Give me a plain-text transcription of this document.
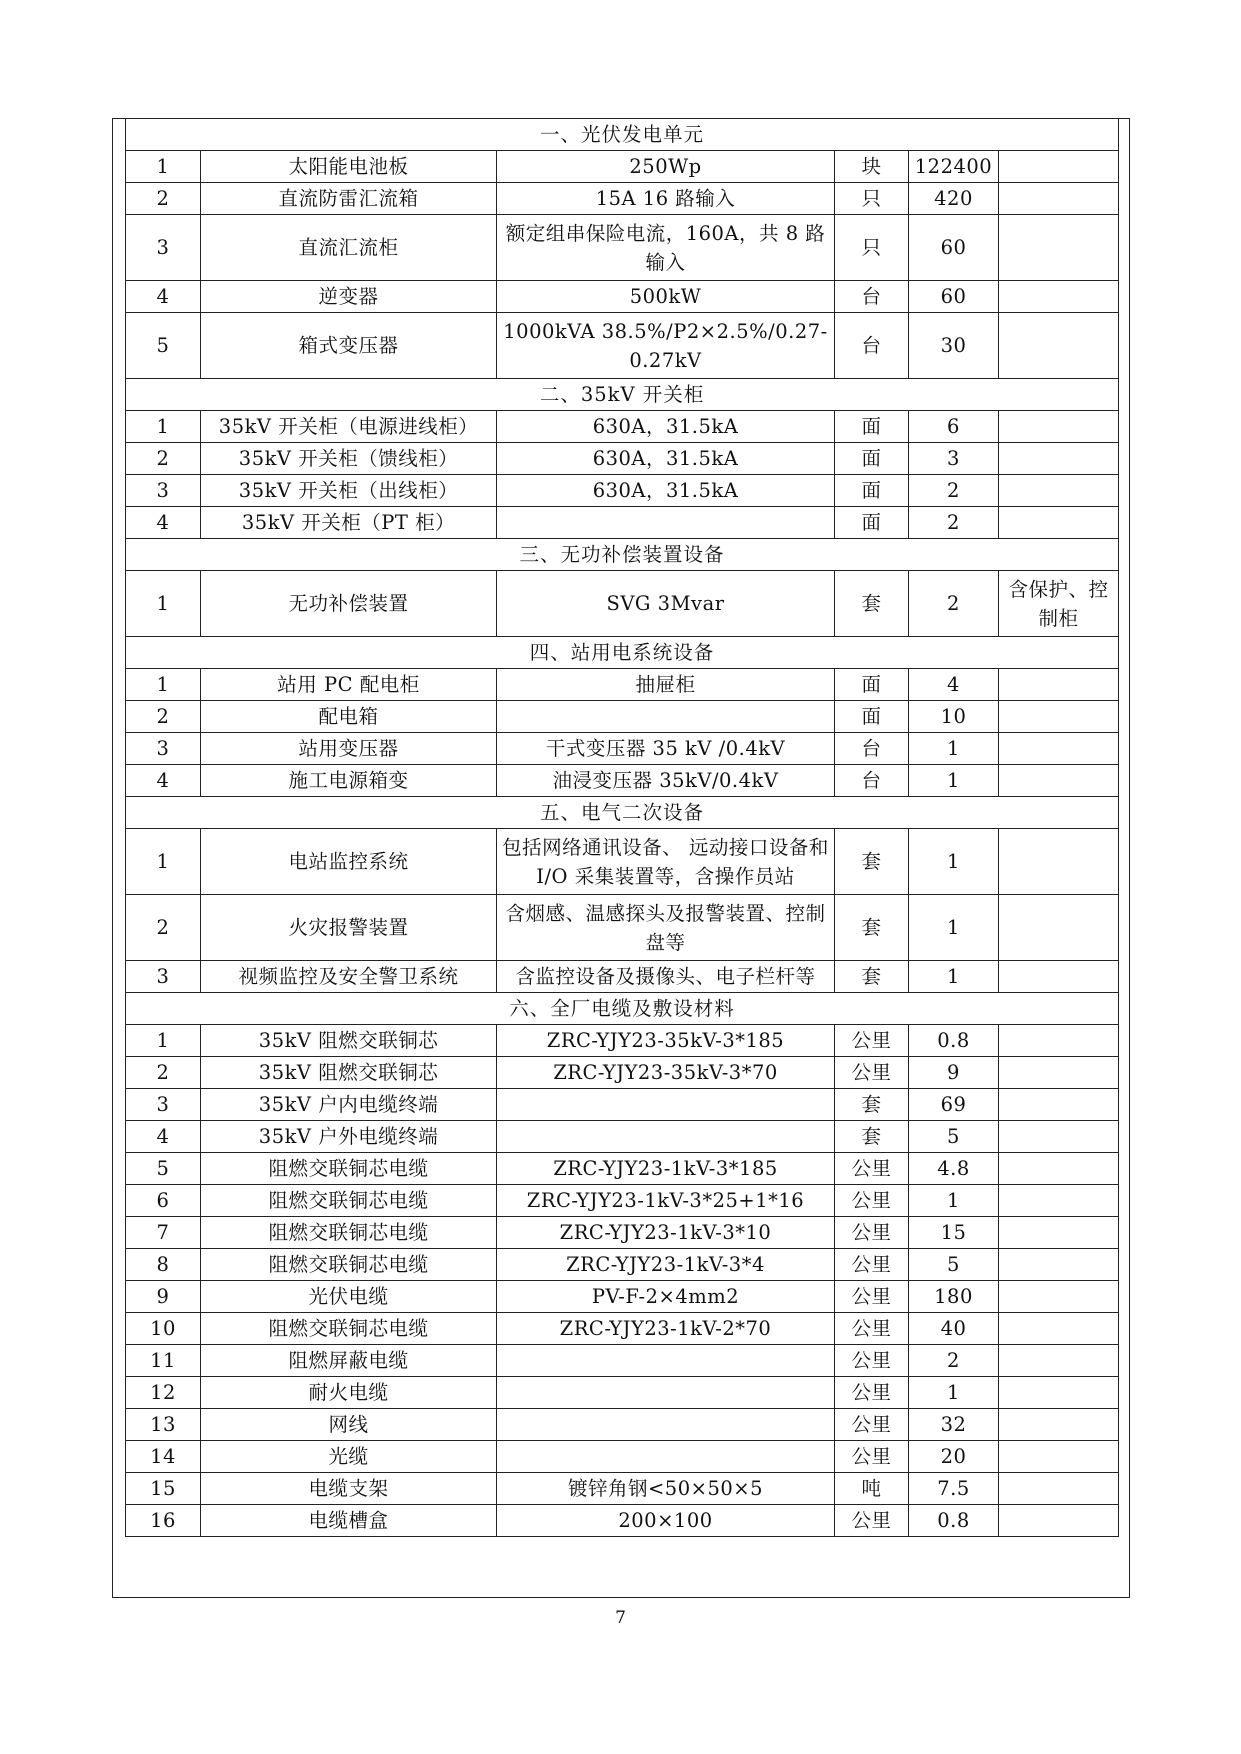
一、光伏发电单元					
1	太阳能电池板	250Wp	块	122400	
2	直流防雷汇流箱	15A 16 路输入	只	420	
3	直流汇流柜	额定组串保险电流，160A，共 8 路输入	只	60	
4	逆变器	500kW	台	60	
5	箱式变压器	1000kVA 38.5%/P2×2.5%/0.27-0.27kV	台	30	
二、35kV 开关柜					
1	35kV 开关柜（电源进线柜）	630A，31.5kA	面	6	
2	35kV 开关柜（馈线柜）	630A，31.5kA	面	3	
3	35kV 开关柜（出线柜）	630A，31.5kA	面	2	
4	35kV 开关柜（PT 柜）		面	2	
三、无功补偿装置设备					
1	无功补偿装置	SVG 3Mvar	套	2	含保护、控制柜
四、站用电系统设备					
1	站用 PC 配电柜	抽屉柜	面	4	
2	配电箱		面	10	
3	站用变压器	干式变压器 35 kV /0.4kV	台	1	
4	施工电源箱变	油浸变压器 35kV/0.4kV	台	1	
五、电气二次设备					
1	电站监控系统	包括网络通讯设备、 远动接口设备和 I/O 采集装置等，含操作员站	套	1	
2	火灾报警装置	含烟感、温感探头及报警装置、控制盘等	套	1	
3	视频监控及安全警卫系统	含监控设备及摄像头、电子栏杆等	套	1	
六、全厂电缆及敷设材料					
1	35kV 阻燃交联铜芯	ZRC-YJY23-35kV-3*185	公里	0.8	
2	35kV 阻燃交联铜芯	ZRC-YJY23-35kV-3*70	公里	9	
3	35kV 户内电缆终端		套	69	
4	35kV 户外电缆终端		套	5	
5	阻燃交联铜芯电缆	ZRC-YJY23-1kV-3*185	公里	4.8	
6	阻燃交联铜芯电缆	ZRC-YJY23-1kV-3*25+1*16	公里	1	
7	阻燃交联铜芯电缆	ZRC-YJY23-1kV-3*10	公里	15	
8	阻燃交联铜芯电缆	ZRC-YJY23-1kV-3*4	公里	5	
9	光伏电缆	PV-F-2×4mm2	公里	180	
10	阻燃交联铜芯电缆	ZRC-YJY23-1kV-2*70	公里	40	
11	阻燃屏蔽电缆		公里	2	
12	耐火电缆		公里	1	
13	网线		公里	32	
14	光缆		公里	20	
15	电缆支架	镀锌角钢<50×50×5	吨	7.5	
16	电缆槽盒	200×100	公里	0.8	
7
